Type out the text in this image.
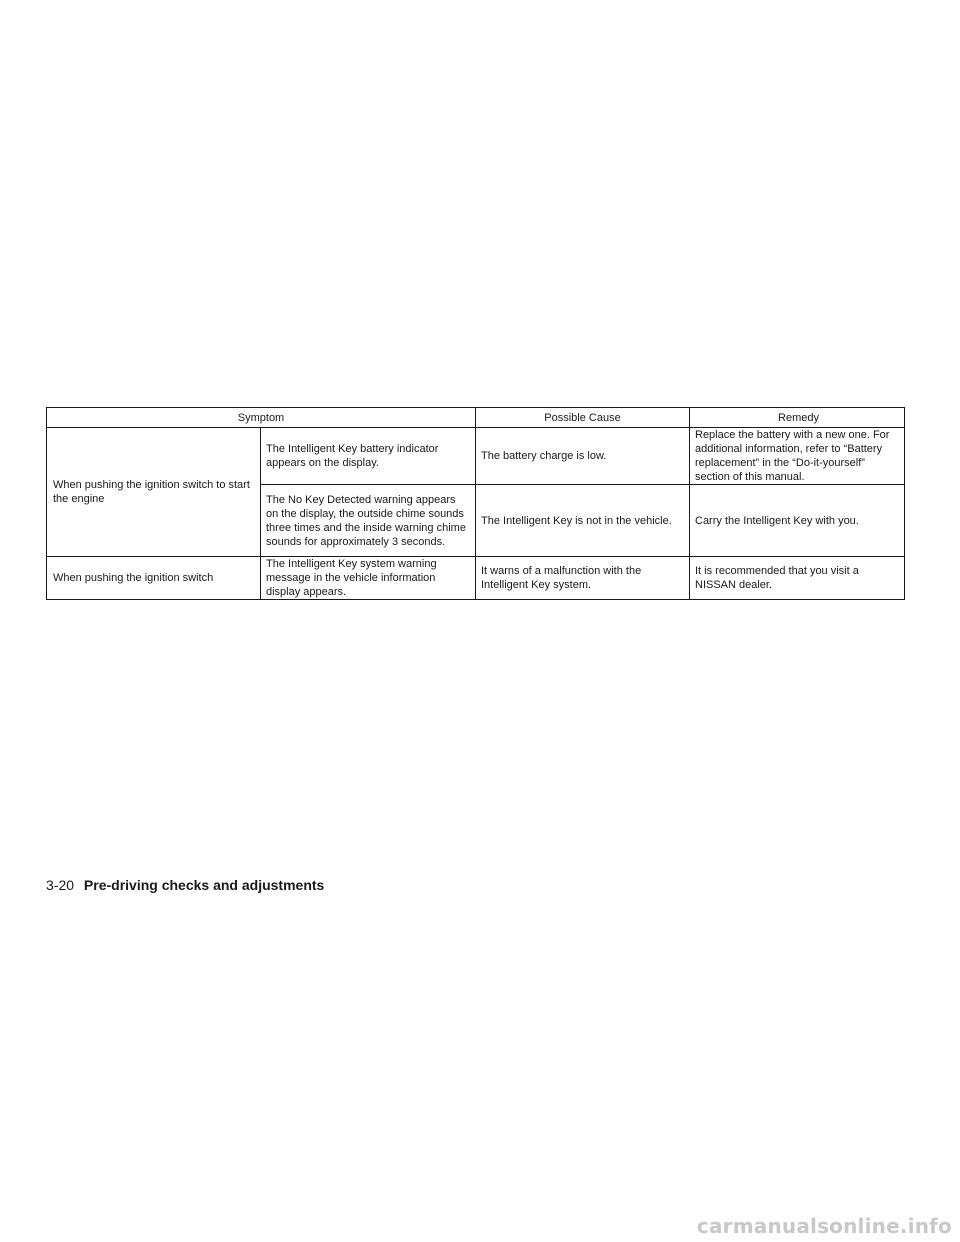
Symptom		Possible Cause	Remedy
When pushing the ignition switch to start the engine	The Intelligent Key battery indicator appears on the display.	The battery charge is low.	Replace the battery with a new one. For additional information, refer to “Battery replacement” in the “Do-it-yourself” section of this manual.
	The No Key Detected warning appears on the display, the outside chime sounds three times and the inside warning chime sounds for approximately 3 seconds.	The Intelligent Key is not in the vehicle.	Carry the Intelligent Key with you.
When pushing the ignition switch	The Intelligent Key system warning message in the vehicle information display appears.	It warns of a malfunction with the Intelligent Key system.	It is recommended that you visit a NISSAN dealer.
3-20 Pre-driving checks and adjustments
carmanualsonline.info
